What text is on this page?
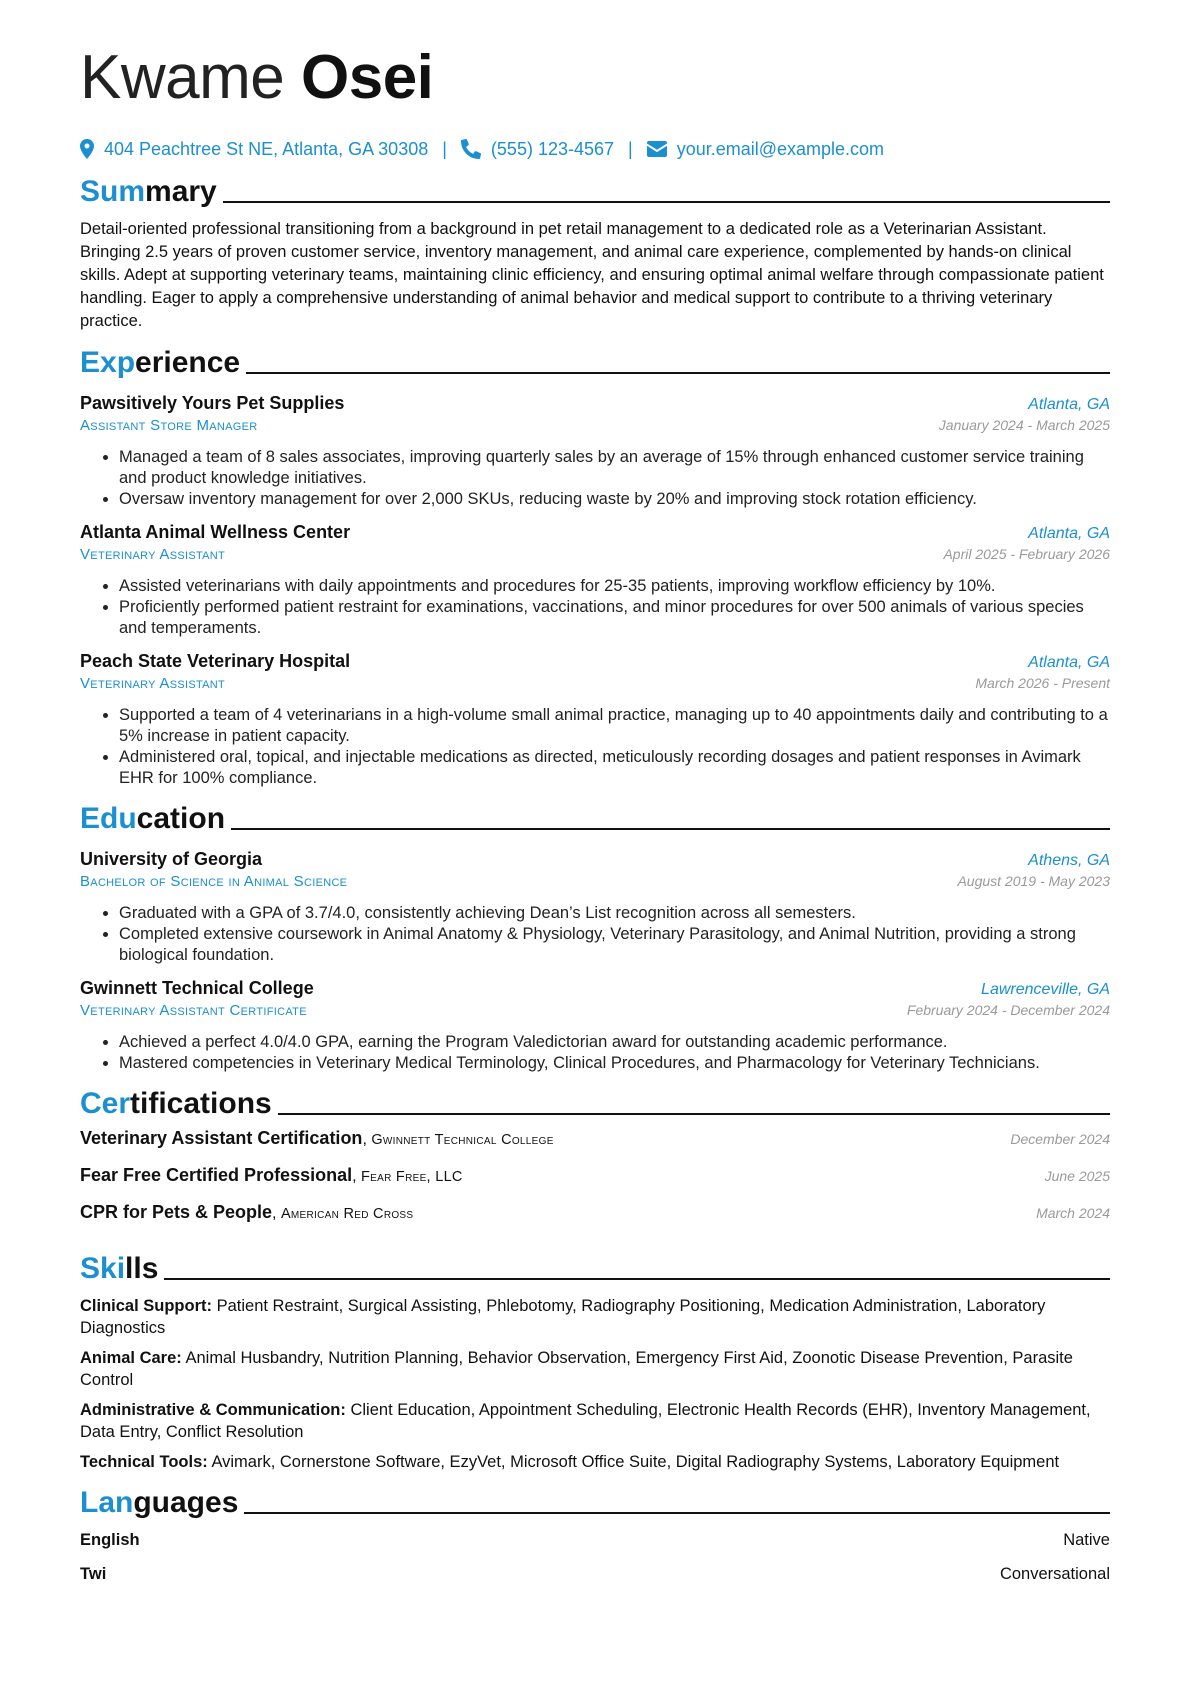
Kwame Osei
404 Peachtree St NE, Atlanta, GA 30308 | (555) 123-4567 | your.email@example.com
Summary
Detail-oriented professional transitioning from a background in pet retail management to a dedicated role as a Veterinarian Assistant. Bringing 2.5 years of proven customer service, inventory management, and animal care experience, complemented by hands-on clinical skills. Adept at supporting veterinary teams, maintaining clinic efficiency, and ensuring optimal animal welfare through compassionate patient handling. Eager to apply a comprehensive understanding of animal behavior and medical support to contribute to a thriving veterinary practice.
Experience
Pawsitively Yours Pet Supplies	Atlanta, GA
Assistant Store Manager	January 2024 - March 2025
• Managed a team of 8 sales associates, improving quarterly sales by an average of 15% through enhanced customer service training and product knowledge initiatives.
• Oversaw inventory management for over 2,000 SKUs, reducing waste by 20% and improving stock rotation efficiency.
Atlanta Animal Wellness Center	Atlanta, GA
Veterinary Assistant	April 2025 - February 2026
• Assisted veterinarians with daily appointments and procedures for 25-35 patients, improving workflow efficiency by 10%.
• Proficiently performed patient restraint for examinations, vaccinations, and minor procedures for over 500 animals of various species and temperaments.
Peach State Veterinary Hospital	Atlanta, GA
Veterinary Assistant	March 2026 - Present
• Supported a team of 4 veterinarians in a high-volume small animal practice, managing up to 40 appointments daily and contributing to a 5% increase in patient capacity.
• Administered oral, topical, and injectable medications as directed, meticulously recording dosages and patient responses in Avimark EHR for 100% compliance.
Education
University of Georgia	Athens, GA
Bachelor of Science in Animal Science	August 2019 - May 2023
• Graduated with a GPA of 3.7/4.0, consistently achieving Dean’s List recognition across all semesters.
• Completed extensive coursework in Animal Anatomy & Physiology, Veterinary Parasitology, and Animal Nutrition, providing a strong biological foundation.
Gwinnett Technical College	Lawrenceville, GA
Veterinary Assistant Certificate	February 2024 - December 2024
• Achieved a perfect 4.0/4.0 GPA, earning the Program Valedictorian award for outstanding academic performance.
• Mastered competencies in Veterinary Medical Terminology, Clinical Procedures, and Pharmacology for Veterinary Technicians.
Certifications
Veterinary Assistant Certification, Gwinnett Technical College	December 2024
Fear Free Certified Professional, Fear Free, LLC	June 2025
CPR for Pets & People, American Red Cross	March 2024
Skills
Clinical Support: Patient Restraint, Surgical Assisting, Phlebotomy, Radiography Positioning, Medication Administration, Laboratory Diagnostics
Animal Care: Animal Husbandry, Nutrition Planning, Behavior Observation, Emergency First Aid, Zoonotic Disease Prevention, Parasite Control
Administrative & Communication: Client Education, Appointment Scheduling, Electronic Health Records (EHR), Inventory Management, Data Entry, Conflict Resolution
Technical Tools: Avimark, Cornerstone Software, EzyVet, Microsoft Office Suite, Digital Radiography Systems, Laboratory Equipment
Languages
English	Native
Twi	Conversational
